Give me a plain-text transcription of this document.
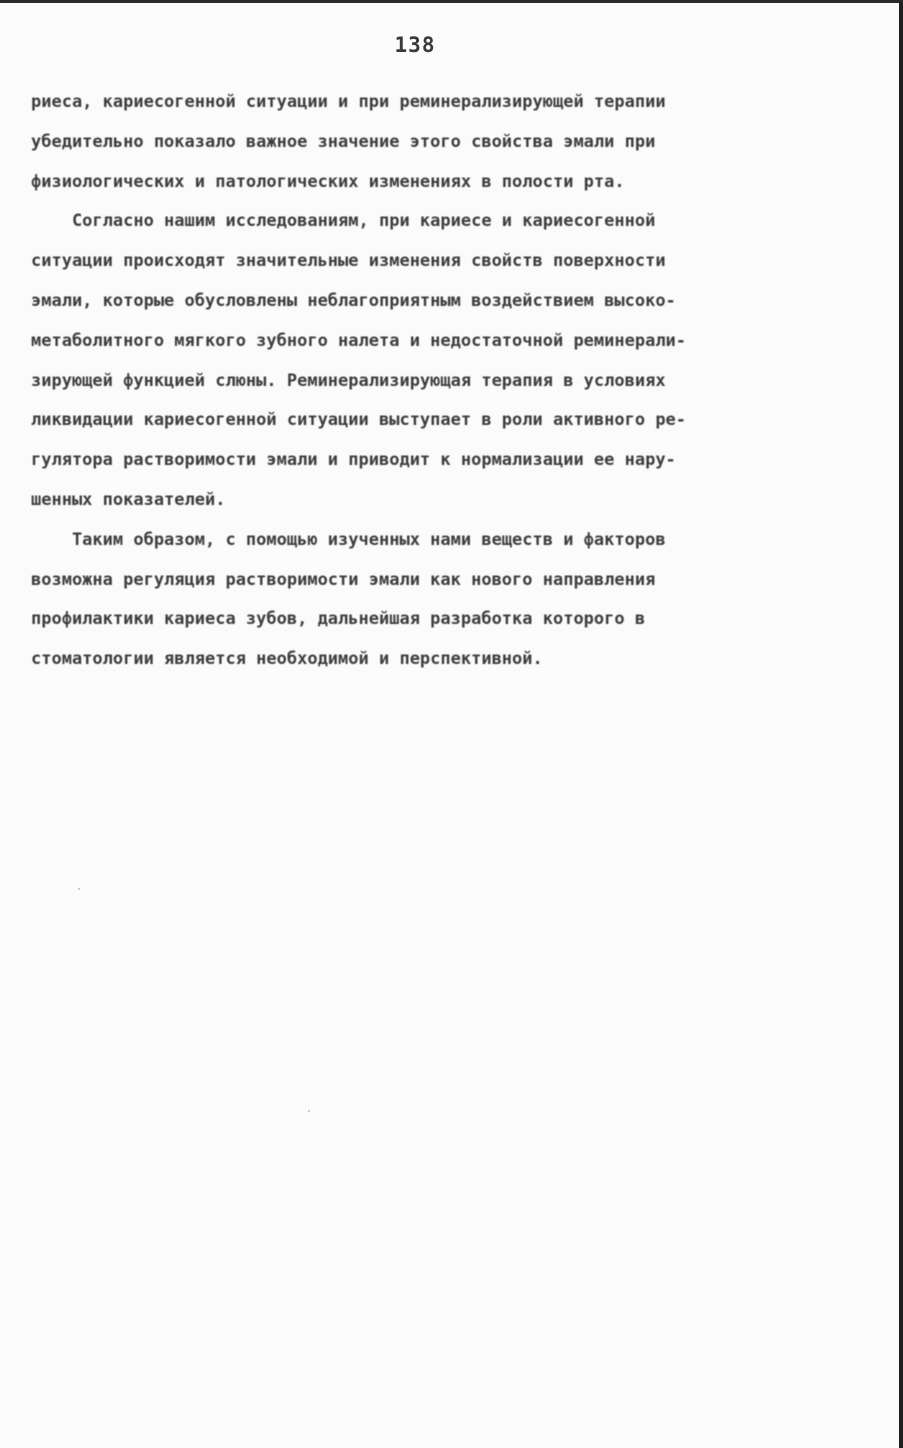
138
риеса, кариесогенной ситуации и при реминерализирующей терапии
убедительно показало важное значение этого свойства эмали при
физиологических и патологических изменениях в полости рта.
Согласно нашим исследованиям, при кариесе и кариесогенной
ситуации происходят значительные изменения свойств поверхности
эмали, которые обусловлены неблагоприятным воздействием высоко-
метаболитного мягкого зубного налета и недостаточной реминерали-
зирующей функцией слюны. Реминерализирующая терапия в условиях
ликвидации кариесогенной ситуации выступает в роли активного ре-
гулятора растворимости эмали и приводит к нормализации ее нару-
шенных показателей.
Таким образом, с помощью изученных нами веществ и факторов
возможна регуляция растворимости эмали как нового направления
профилактики кариеса зубов, дальнейшая разработка которого в
стоматологии является необходимой и перспективной.
